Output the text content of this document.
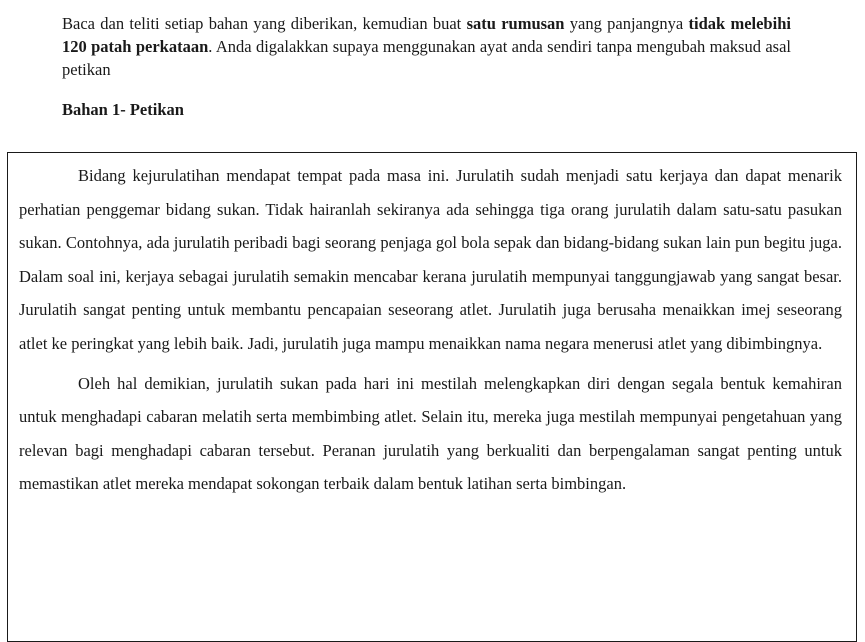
Baca dan teliti setiap bahan yang diberikan, kemudian buat satu rumusan yang panjangnya tidak melebihi 120 patah perkataan. Anda digalakkan supaya menggunakan ayat anda sendiri tanpa mengubah maksud asal petikan

Bahan 1- Petikan

Bidang kejurulatihan mendapat tempat pada masa ini. Jurulatih sudah menjadi satu kerjaya dan dapat menarik perhatian penggemar bidang sukan. Tidak hairanlah sekiranya ada sehingga tiga orang jurulatih dalam satu-satu pasukan sukan. Contohnya, ada jurulatih peribadi bagi seorang penjaga gol bola sepak dan bidang-bidang sukan lain pun begitu juga. Dalam soal ini, kerjaya sebagai jurulatih semakin mencabar kerana jurulatih mempunyai tanggungjawab yang sangat besar. Jurulatih sangat penting untuk membantu pencapaian seseorang atlet. Jurulatih juga berusaha menaikkan imej seseorang atlet ke peringkat yang lebih baik. Jadi, jurulatih juga mampu menaikkan nama negara menerusi atlet yang dibimbingnya.

Oleh hal demikian, jurulatih sukan pada hari ini mestilah melengkapkan diri dengan segala bentuk kemahiran untuk menghadapi cabaran melatih serta membimbing atlet. Selain itu, mereka juga mestilah mempunyai pengetahuan yang relevan bagi menghadapi cabaran tersebut. Peranan jurulatih yang berkualiti dan berpengalaman sangat penting untuk memastikan atlet mereka mendapat sokongan terbaik dalam bentuk latihan serta bimbingan.
